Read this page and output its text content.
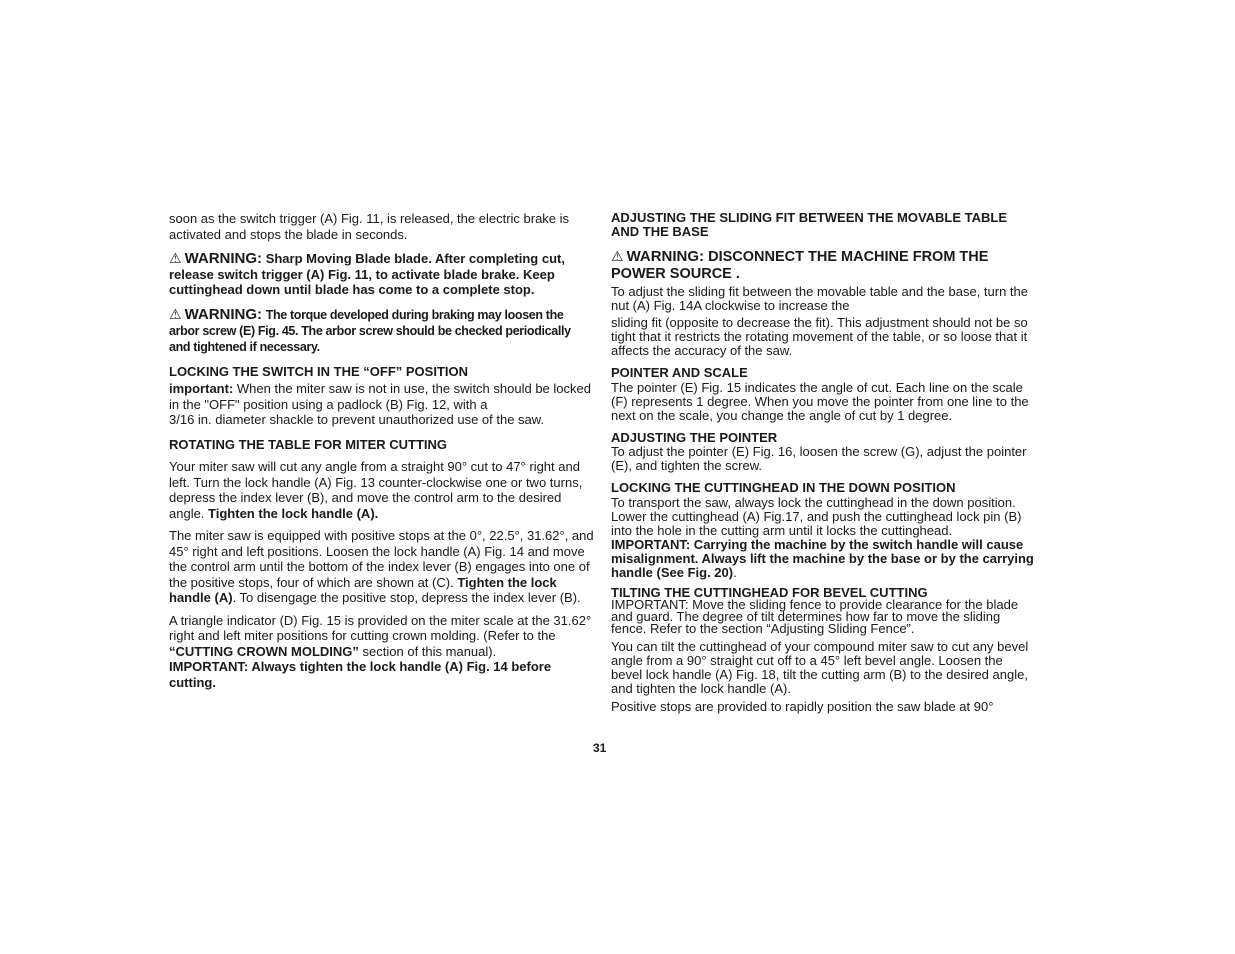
soon as the switch trigger (A) Fig. 11, is released, the electric brake is activated and stops the blade in seconds.

⚠ WARNING: Sharp Moving Blade blade. After completing cut, release switch trigger (A) Fig. 11, to activate blade brake. Keep cuttinghead down until blade has come to a complete stop.

⚠ WARNING: The torque developed during braking may loosen the arbor screw (E) Fig. 45. The arbor screw should be checked periodically and tightened if necessary.

LOCKING THE SWITCH IN THE “OFF” POSITION

important: When the miter saw is not in use, the switch should be locked in the "OFF" position using a padlock (B) Fig. 12, with a

3/16 in. diameter shackle to prevent unauthorized use of the saw.

ROTATING THE TABLE FOR MITER CUTTING

Your miter saw will cut any angle from a straight 90° cut to 47° right and left. Turn the lock handle (A) Fig. 13 counter-clockwise one or two turns, depress the index lever (B), and move the control arm to the desired angle. Tighten the lock handle (A).

The miter saw is equipped with positive stops at the 0°, 22.5°, 31.62°, and 45° right and left positions. Loosen the lock handle (A) Fig. 14 and move the control arm until the bottom of the index lever (B) engages into one of the positive stops, four of which are shown at (C). Tighten the lock handle (A). To disengage the positive stop, depress the index lever (B).

A triangle indicator (D) Fig. 15 is provided on the miter scale at the 31.62° right and left miter positions for cutting crown molding. (Refer to the “CUTTING CROWN MOLDING” section of this manual).

IMPORTANT: Always tighten the lock handle (A) Fig. 14 before cutting.

ADJUSTING THE SLIDING FIT BETWEEN THE MOVABLE TABLE AND THE BASE

⚠ WARNING: DISCONNECT THE MACHINE FROM THE POWER SOURCE .

To adjust the sliding fit between the movable table and the base, turn the nut (A) Fig. 14A clockwise to increase the

sliding fit (opposite to decrease the fit). This adjustment should not be so tight that it restricts the rotating movement of the table, or so loose that it affects the accuracy of the saw.

POINTER AND SCALE

The pointer (E) Fig. 15 indicates the angle of cut. Each line on the scale (F) represents 1 degree. When you move the pointer from one line to the next on the scale, you change the angle of cut by 1 degree.

ADJUSTING THE POINTER

To adjust the pointer (E) Fig. 16, loosen the screw (G), adjust the pointer (E), and tighten the screw.

LOCKING THE CUTTINGHEAD IN THE DOWN POSITION

To transport the saw, always lock the cuttinghead in the down position. Lower the cuttinghead (A) Fig.17, and push the cuttinghead lock pin (B) into the hole in the cutting arm until it locks the cuttinghead.

IMPORTANT: Carrying the machine by the switch handle will cause misalignment. Always lift the machine by the base or by the carrying handle (See Fig. 20).

TILTING THE CUTTINGHEAD FOR BEVEL CUTTING

IMPORTANT: Move the sliding fence to provide clearance for the blade and guard. The degree of tilt determines how far to move the sliding fence. Refer to the section “Adjusting Sliding Fence”.

You can tilt the cuttinghead of your compound miter saw to cut any bevel angle from a 90° straight cut off to a 45° left bevel angle. Loosen the bevel lock handle (A) Fig. 18, tilt the cutting arm (B) to the desired angle, and tighten the lock handle (A).

Positive stops are provided to rapidly position the saw blade at 90°

31
